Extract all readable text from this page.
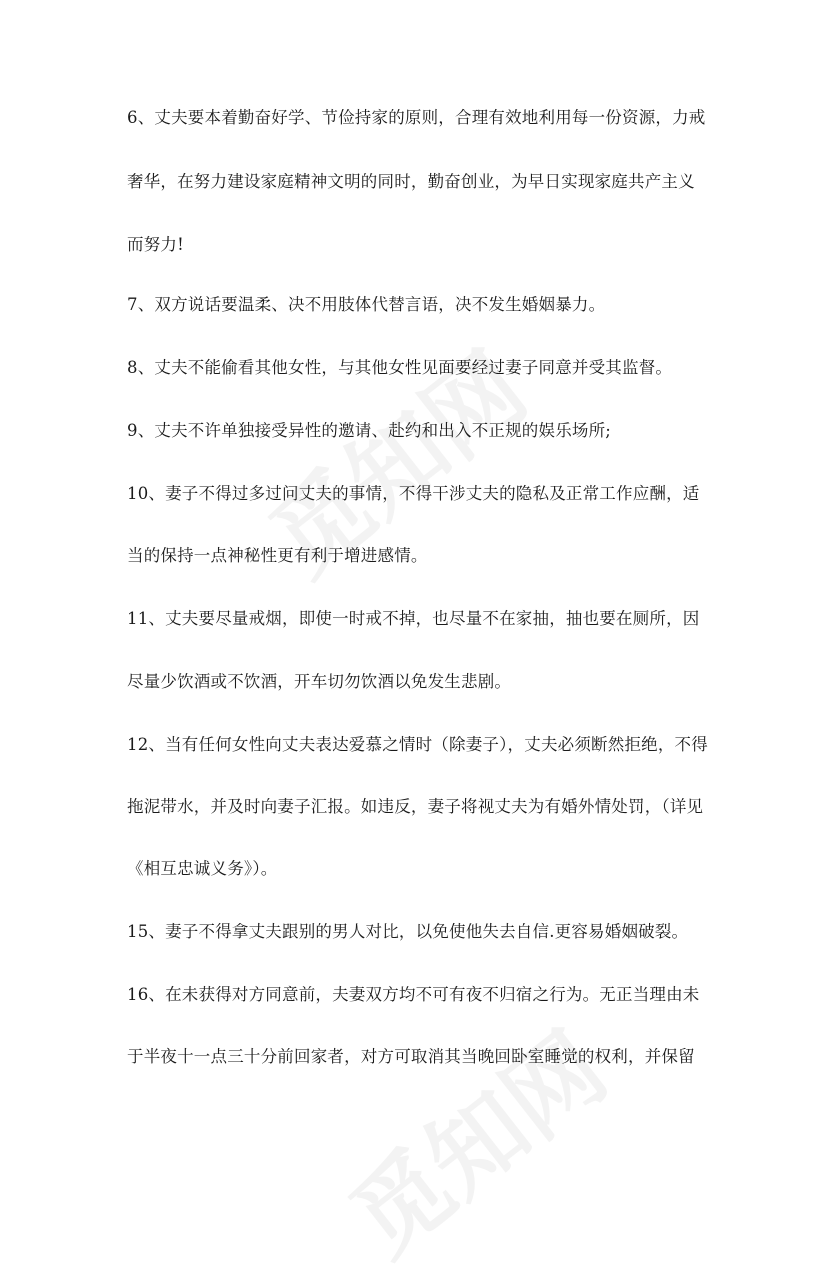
6、丈夫要本着勤奋好学、节俭持家的原则，合理有效地利用每一份资源，力戒
奢华，在努力建设家庭精神文明的同时，勤奋创业，为早日实现家庭共产主义
而努力!
7、双方说话要温柔、决不用肢体代替言语，决不发生婚姻暴力。
8、丈夫不能偷看其他女性，与其他女性见面要经过妻子同意并受其监督。
9、丈夫不许单独接受异性的邀请、赴约和出入不正规的娱乐场所;
10、妻子不得过多过问丈夫的事情，不得干涉丈夫的隐私及正常工作应酬，适
当的保持一点神秘性更有利于增进感情。
11、丈夫要尽量戒烟，即使一时戒不掉，也尽量不在家抽，抽也要在厕所，因
尽量少饮酒或不饮酒，开车切勿饮酒以免发生悲剧。
12、当有任何女性向丈夫表达爱慕之情时（除妻子），丈夫必须断然拒绝，不得
拖泥带水，并及时向妻子汇报。如违反，妻子将视丈夫为有婚外情处罚，（详见
《相互忠诚义务》）。
15、妻子不得拿丈夫跟别的男人对比，以免使他失去自信.更容易婚姻破裂。
16、在未获得对方同意前，夫妻双方均不可有夜不归宿之行为。无正当理由未
于半夜十一点三十分前回家者，对方可取消其当晚回卧室睡觉的权利，并保留
